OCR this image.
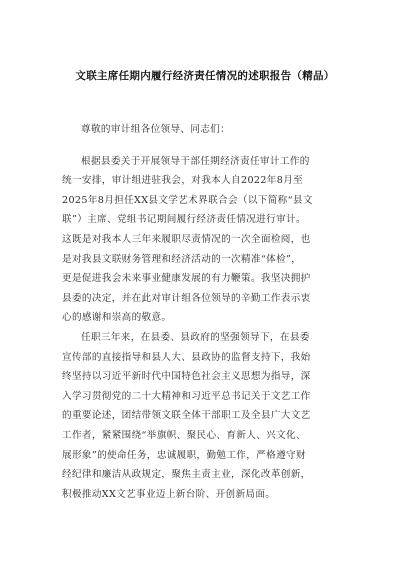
文联主席任期内履行经济责任情况的述职报告（精品）
尊敬的审计组各位领导、同志们：
根据县委关于开展领导干部任期经济责任审计工作的
统一安排，审计组进驻我会，对我本人自2022年8月至
2025年8月担任XX县文学艺术界联合会（以下简称“县文
联”）主席、党组书记期间履行经济责任情况进行审计。
这既是对我本人三年来履职尽责情况的一次全面检阅，也
是对我县文联财务管理和经济活动的一次精准“体检”，
更是促进我会未来事业健康发展的有力鞭策。我坚决拥护
县委的决定，并在此对审计组各位领导的辛勤工作表示衷
心的感谢和崇高的敬意。
任职三年来，在县委、县政府的坚强领导下，在县委
宣传部的直接指导和县人大、县政协的监督支持下，我始
终坚持以习近平新时代中国特色社会主义思想为指导，深
入学习贯彻党的二十大精神和习近平总书记关于文艺工作
的重要论述，团结带领文联全体干部职工及全县广大文艺
工作者，紧紧围绕“举旗帜、聚民心、育新人、兴文化、
展形象”的使命任务，忠诚履职，勤勉工作，严格遵守财
经纪律和廉洁从政规定，聚焦主责主业，深化改革创新，
积极推动XX文艺事业迈上新台阶、开创新局面。
